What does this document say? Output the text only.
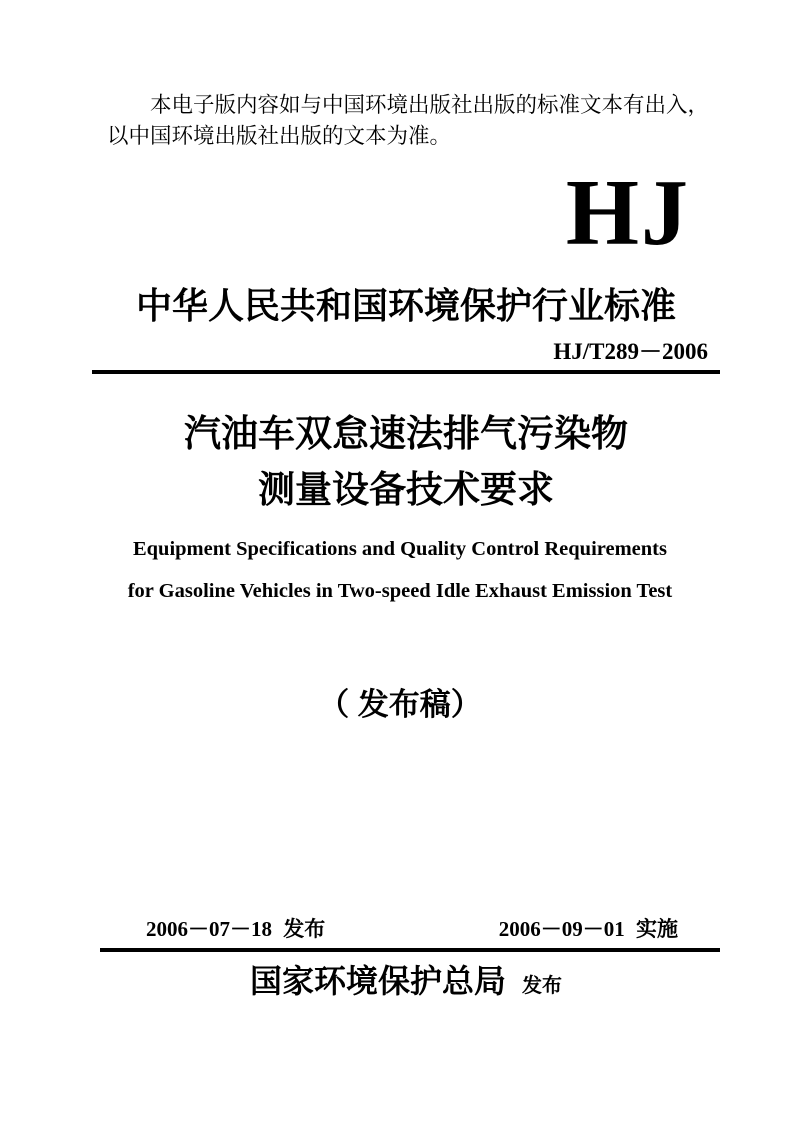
本电子版内容如与中国环境出版社出版的标准文本有出入，以中国环境出版社出版的文本为准。

HJ
中华人民共和国环境保护行业标准
HJ/T289－2006
汽油车双怠速法排气污染物
测量设备技术要求
Equipment Specifications and Quality Control Requirements
for Gasoline Vehicles in Two-speed Idle Exhaust Emission Test
（ 发布稿）
2006－07－18 发布	2006－09－01 实施
国家环境保护总局 发布
